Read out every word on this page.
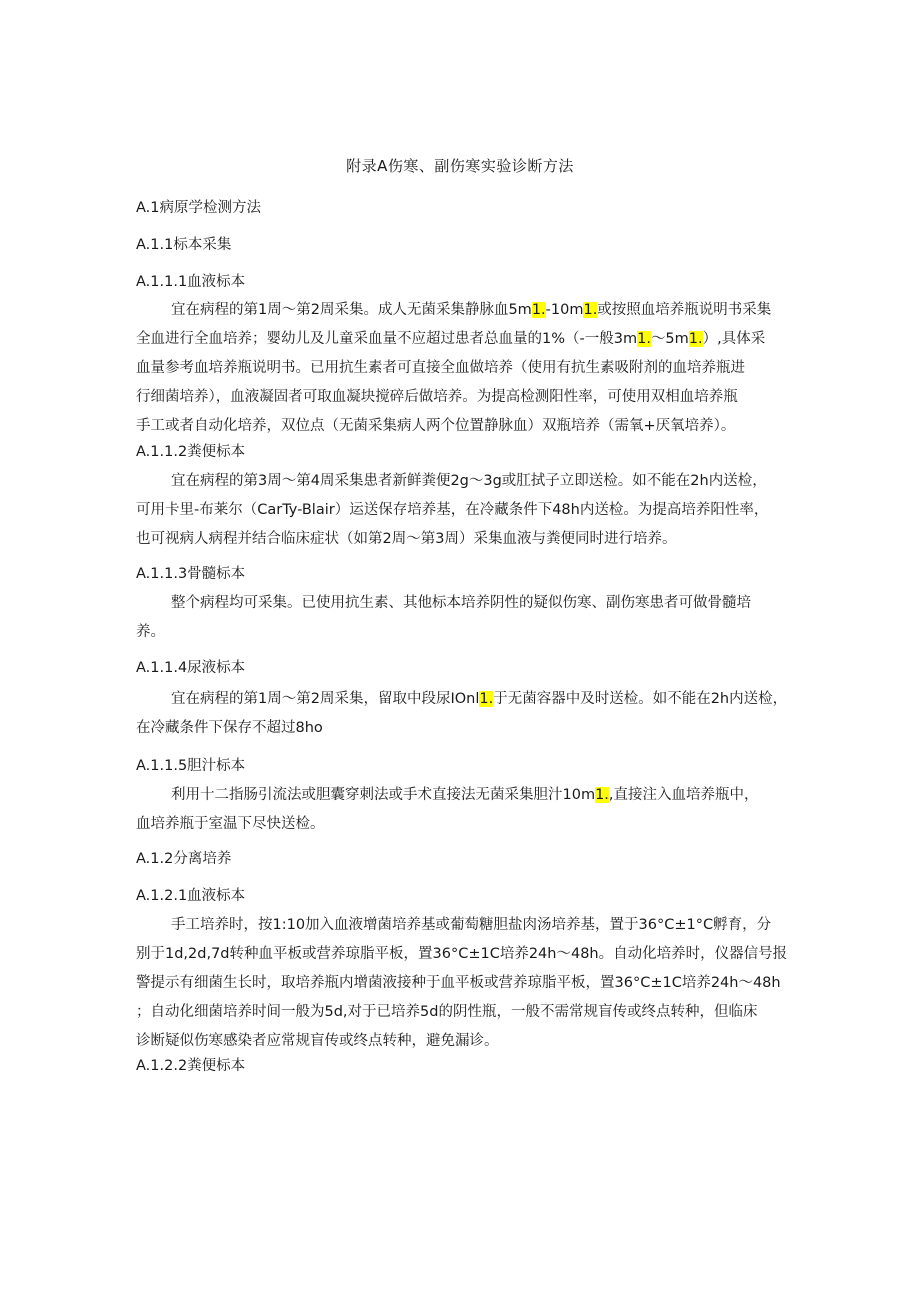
附录A伤寒、副伤寒实验诊断方法
A.1病原学检测方法
A.1.1标本采集
A.1.1.1血液标本
宜在病程的第1周～第2周采集。成人无菌采集静脉血5m1.-10m1.或按照血培养瓶说明书采集
全血进行全血培养；婴幼儿及儿童采血量不应超过患者总血量的1%（-一般3m1.～5m1.）,具体采
血量参考血培养瓶说明书。已用抗生素者可直接全血做培养（使用有抗生素吸附剂的血培养瓶进
行细菌培养），血液凝固者可取血凝块搅碎后做培养。为提高检测阳性率，可使用双相血培养瓶
手工或者自动化培养，双位点（无菌采集病人两个位置静脉血）双瓶培养（需氧+厌氧培养）。
A.1.1.2粪便标本
宜在病程的第3周～第4周采集患者新鲜粪便2g～3g或肛拭子立即送检。如不能在2h内送检，
可用卡里-布莱尔（CarTy-Blair）运送保存培养基，在冷藏条件下48h内送检。为提高培养阳性率，
也可视病人病程并结合临床症状（如第2周～第3周）采集血液与粪便同时进行培养。
A.1.1.3骨髓标本
整个病程均可采集。已使用抗生素、其他标本培养阴性的疑似伤寒、副伤寒患者可做骨髓培
养。
A.1.1.4尿液标本
宜在病程的第1周～第2周采集，留取中段尿IOnl1.于无菌容器中及时送检。如不能在2h内送检，
在冷藏条件下保存不超过8ho
A.1.1.5胆汁标本
利用十二指肠引流法或胆囊穿刺法或手术直接法无菌采集胆汁10m1.,直接注入血培养瓶中，
血培养瓶于室温下尽快送检。
A.1.2分离培养
A.1.2.1血液标本
手工培养时，按1:10加入血液增菌培养基或葡萄糖胆盐肉汤培养基，置于36°C±1°C孵育，分
别于1d,2d,7d转种血平板或营养琼脂平板，置36°C±1C培养24h～48h。自动化培养时，仪器信号报
警提示有细菌生长时，取培养瓶内增菌液接种于血平板或营养琼脂平板，置36°C±1C培养24h～48h
；自动化细菌培养时间一般为5d,对于已培养5d的阴性瓶，一般不需常规盲传或终点转种，但临床
诊断疑似伤寒感染者应常规盲传或终点转种，避免漏诊。
A.1.2.2粪便标本
